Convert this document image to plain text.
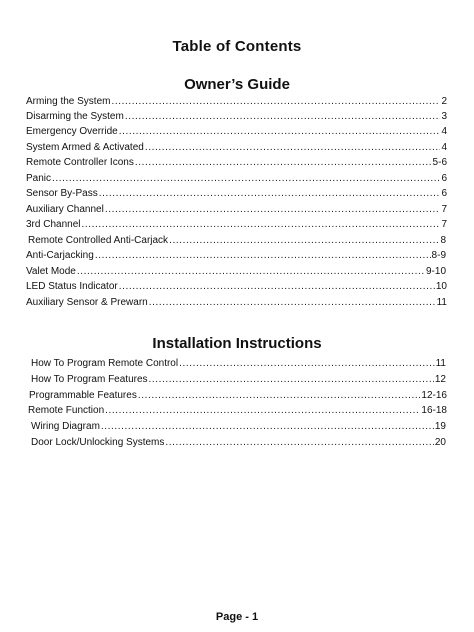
Table of Contents
Owner’s Guide
Arming the System .....	2
Disarming the System .....	3
Emergency Override .....	4
System Armed & Activated .....	4
Remote Controller Icons .....	5-6
Panic .....	6
Sensor By-Pass .....	6
Auxiliary Channel .....	7
3rd Channel .....	7
Remote Controlled Anti-Carjack .....	8
Anti-Carjacking .....	8-9
Valet Mode .....	9-10
LED Status Indicator .....	10
Auxiliary Sensor & Prewarn .....	11
Installation Instructions
How To Program Remote Control .....	11
How To Program Features .....	12
Programmable Features .....	12-16
Remote Function .....	16-18
Wiring Diagram .....	19
Door Lock/Unlocking Systems .....	20
Page - 1
